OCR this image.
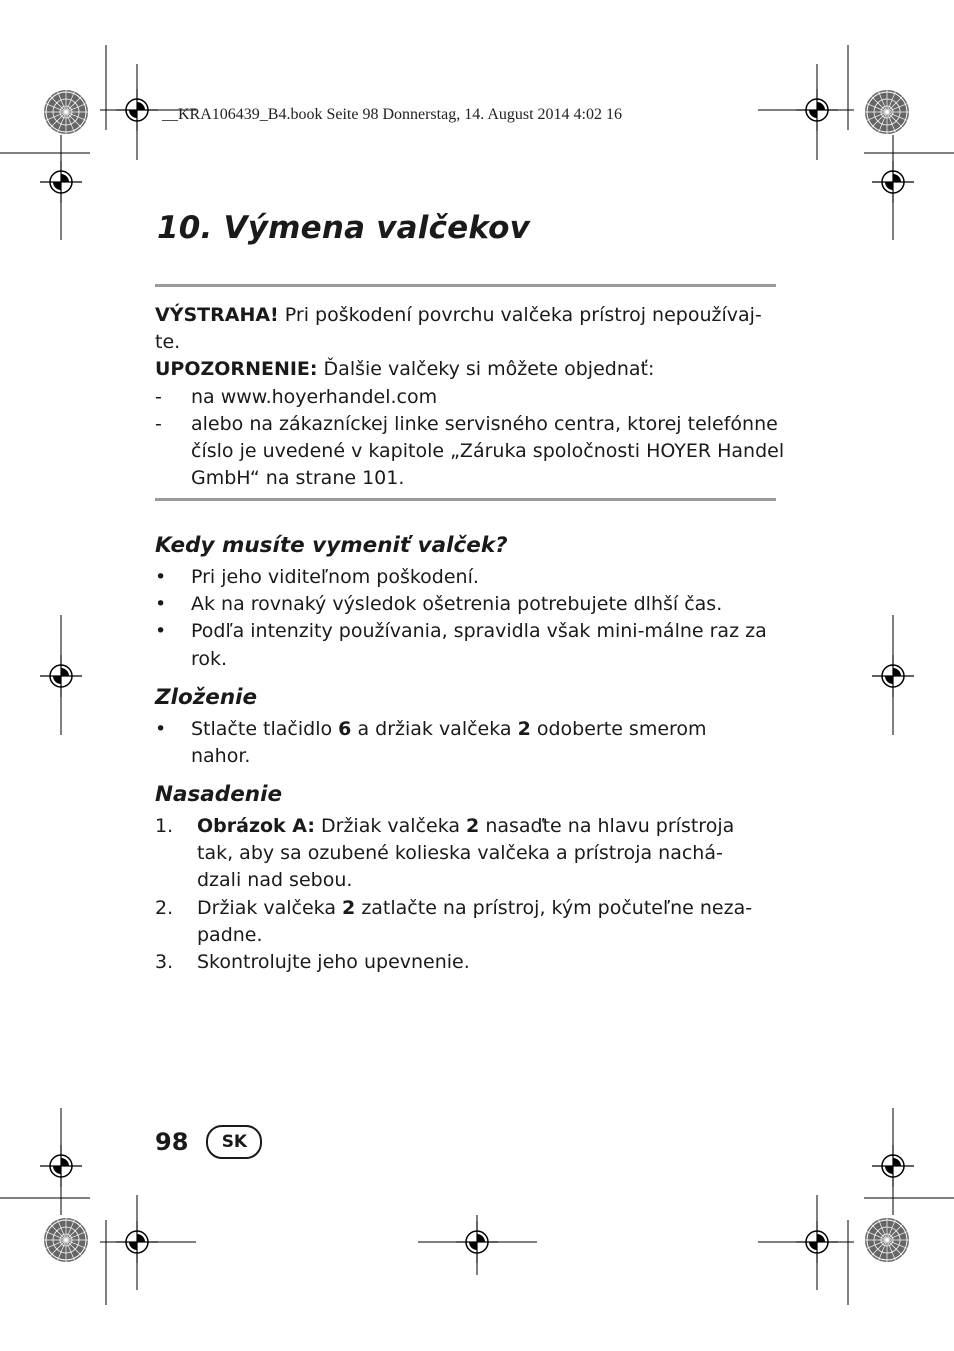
__KRA106439_B4.book Seite 98 Donnerstag, 14. August 2014 4:02 16
10. Výmena valčekov
VÝSTRAHA! Pri poškodení povrchu valčeka prístroj nepoužívaj-
te.
UPOZORNENIE: Ďalšie valčeky si môžete objednať:
-	na www.hoyerhandel.com
-	alebo na zákazníckej linke servisného centra, ktorej telefónne
číslo je uvedené v kapitole „Záruka spoločnosti HOYER Handel
GmbH“ na strane 101.
Kedy musíte vymeniť valček?
•	Pri jeho viditeľnom poškodení.
•	Ak na rovnaký výsledok ošetrenia potrebujete dlhší čas.
•	Podľa intenzity používania, spravidla však mini-málne raz za
rok.
Zloženie
•	Stlačte tlačidlo 6 a držiak valčeka 2 odoberte smerom
nahor.
Nasadenie
1.	Obrázok A: Držiak valčeka 2 nasaďte na hlavu prístroja
tak, aby sa ozubené kolieska valčeka a prístroja nachá-
dzali nad sebou.
2.	Držiak valčeka 2 zatlačte na prístroj, kým počuteľne neza-
padne.
3.	Skontrolujte jeho upevnenie.
98	SK
